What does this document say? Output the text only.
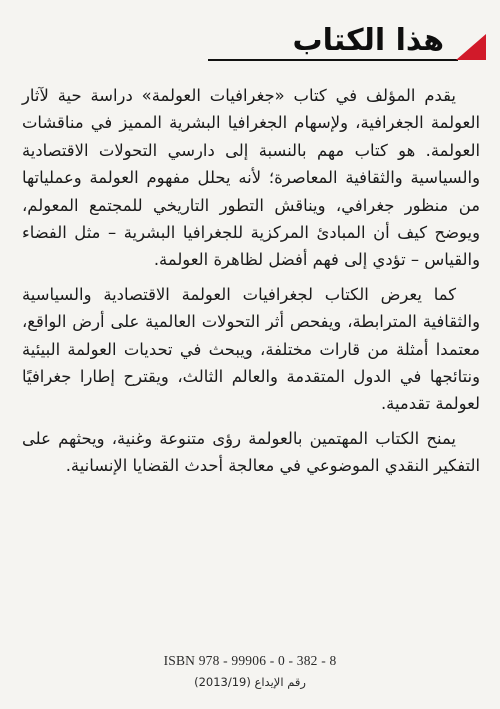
هذا الكتاب

يقدم المؤلف في كتاب «جغرافيات العولمة» دراسة حية لآثار العولمة الجغرافية، ولإسهام الجغرافيا البشرية المميز في مناقشات العولمة. هو كتاب مهم بالنسبة إلى دارسي التحولات الاقتصادية والسياسية والثقافية المعاصرة؛ لأنه يحلل مفهوم العولمة وعملياتها من منظور جغرافي، ويناقش التطور التاريخي للمجتمع المعولم، ويوضح كيف أن المبادئ المركزية للجغرافيا البشرية – مثل الفضاء والقياس – تؤدي إلى فهم أفضل لظاهرة العولمة.

كما يعرض الكتاب لجغرافيات العولمة الاقتصادية والسياسية والثقافية المترابطة، ويفحص أثر التحولات العالمية على أرض الواقع، معتمدا أمثلة من قارات مختلفة، ويبحث في تحديات العولمة البيئية ونتائجها في الدول المتقدمة والعالم الثالث، ويقترح إطارا جغرافيًا لعولمة تقدمية.

يمنح الكتاب المهتمين بالعولمة رؤى متنوعة وغنية، ويحثهم على التفكير النقدي الموضوعي في معالجة أحدث القضايا الإنسانية.

ISBN 978 - 99906 - 0 - 382 - 8
رقم الإيداع (2013/19)
